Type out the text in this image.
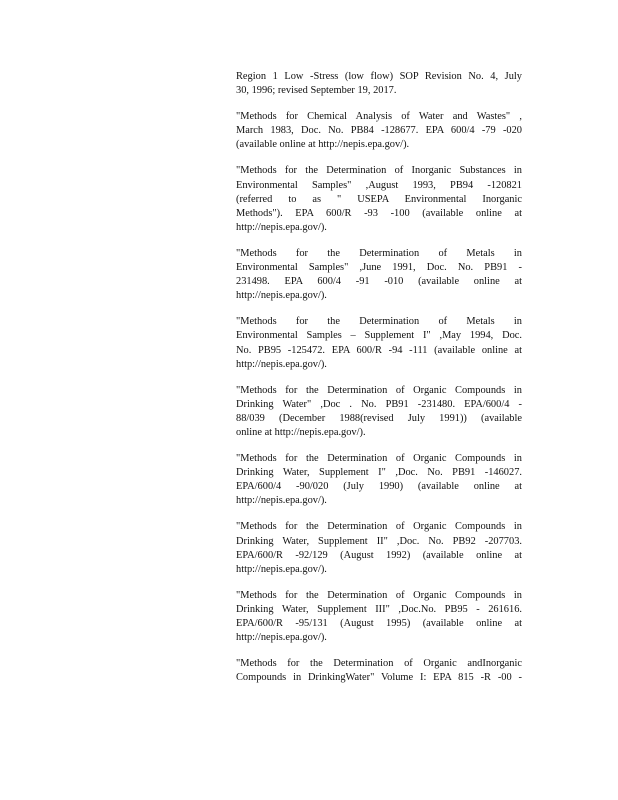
Region 1 Low -Stress (low flow) SOP Revision No. 4, July
30, 1996; revised September 19, 2017.
"Methods for Chemical Analysis of Water and Wastes" ,
March 1983, Doc. No. PB84 -128677. EPA 600/4 -79 -020
(available online at http://nepis.epa.gov/).
"Methods for the Determination of Inorganic Substances in
Environmental Samples" ,August 1993, PB94 -120821
(referred to as " USEPA Environmental Inorganic
Methods"). EPA 600/R -93 -100 (available online at
http://nepis.epa.gov/).
"Methods for the Determination of Metals in
Environmental Samples" ,June 1991, Doc. No. PB91 -
231498. EPA 600/4 -91 -010 (available online at
http://nepis.epa.gov/).
"Methods for the Determination of Metals in
Environmental Samples – Supplement I" ,May 1994, Doc.
No. PB95 -125472. EPA 600/R -94 -111 (available online at
http://nepis.epa.gov/).
"Methods for the Determination of Organic Compounds in
Drinking Water" ,Doc . No. PB91 -231480. EPA/600/4 -
88/039 (December 1988(revised July 1991)) (available
online at http://nepis.epa.gov/).
"Methods for the Determination of Organic Compounds in
Drinking Water, Supplement I" ,Doc. No. PB91 -146027.
EPA/600/4 -90/020 (July 1990) (available online at
http://nepis.epa.gov/).
"Methods for the Determination of Organic Compounds in
Drinking Water, Supplement II" ,Doc. No. PB92 -207703.
EPA/600/R -92/129 (August 1992) (available online at
http://nepis.epa.gov/).
"Methods for the Determination of Organic Compounds in
Drinking Water, Supplement III" ,Doc.No. PB95 - 261616.
EPA/600/R -95/131 (August 1995) (available online at
http://nepis.epa.gov/).
"Methods for the Determination of Organic andInorganic
Compounds in DrinkingWater" Volume I: EPA 815 -R -00 -
